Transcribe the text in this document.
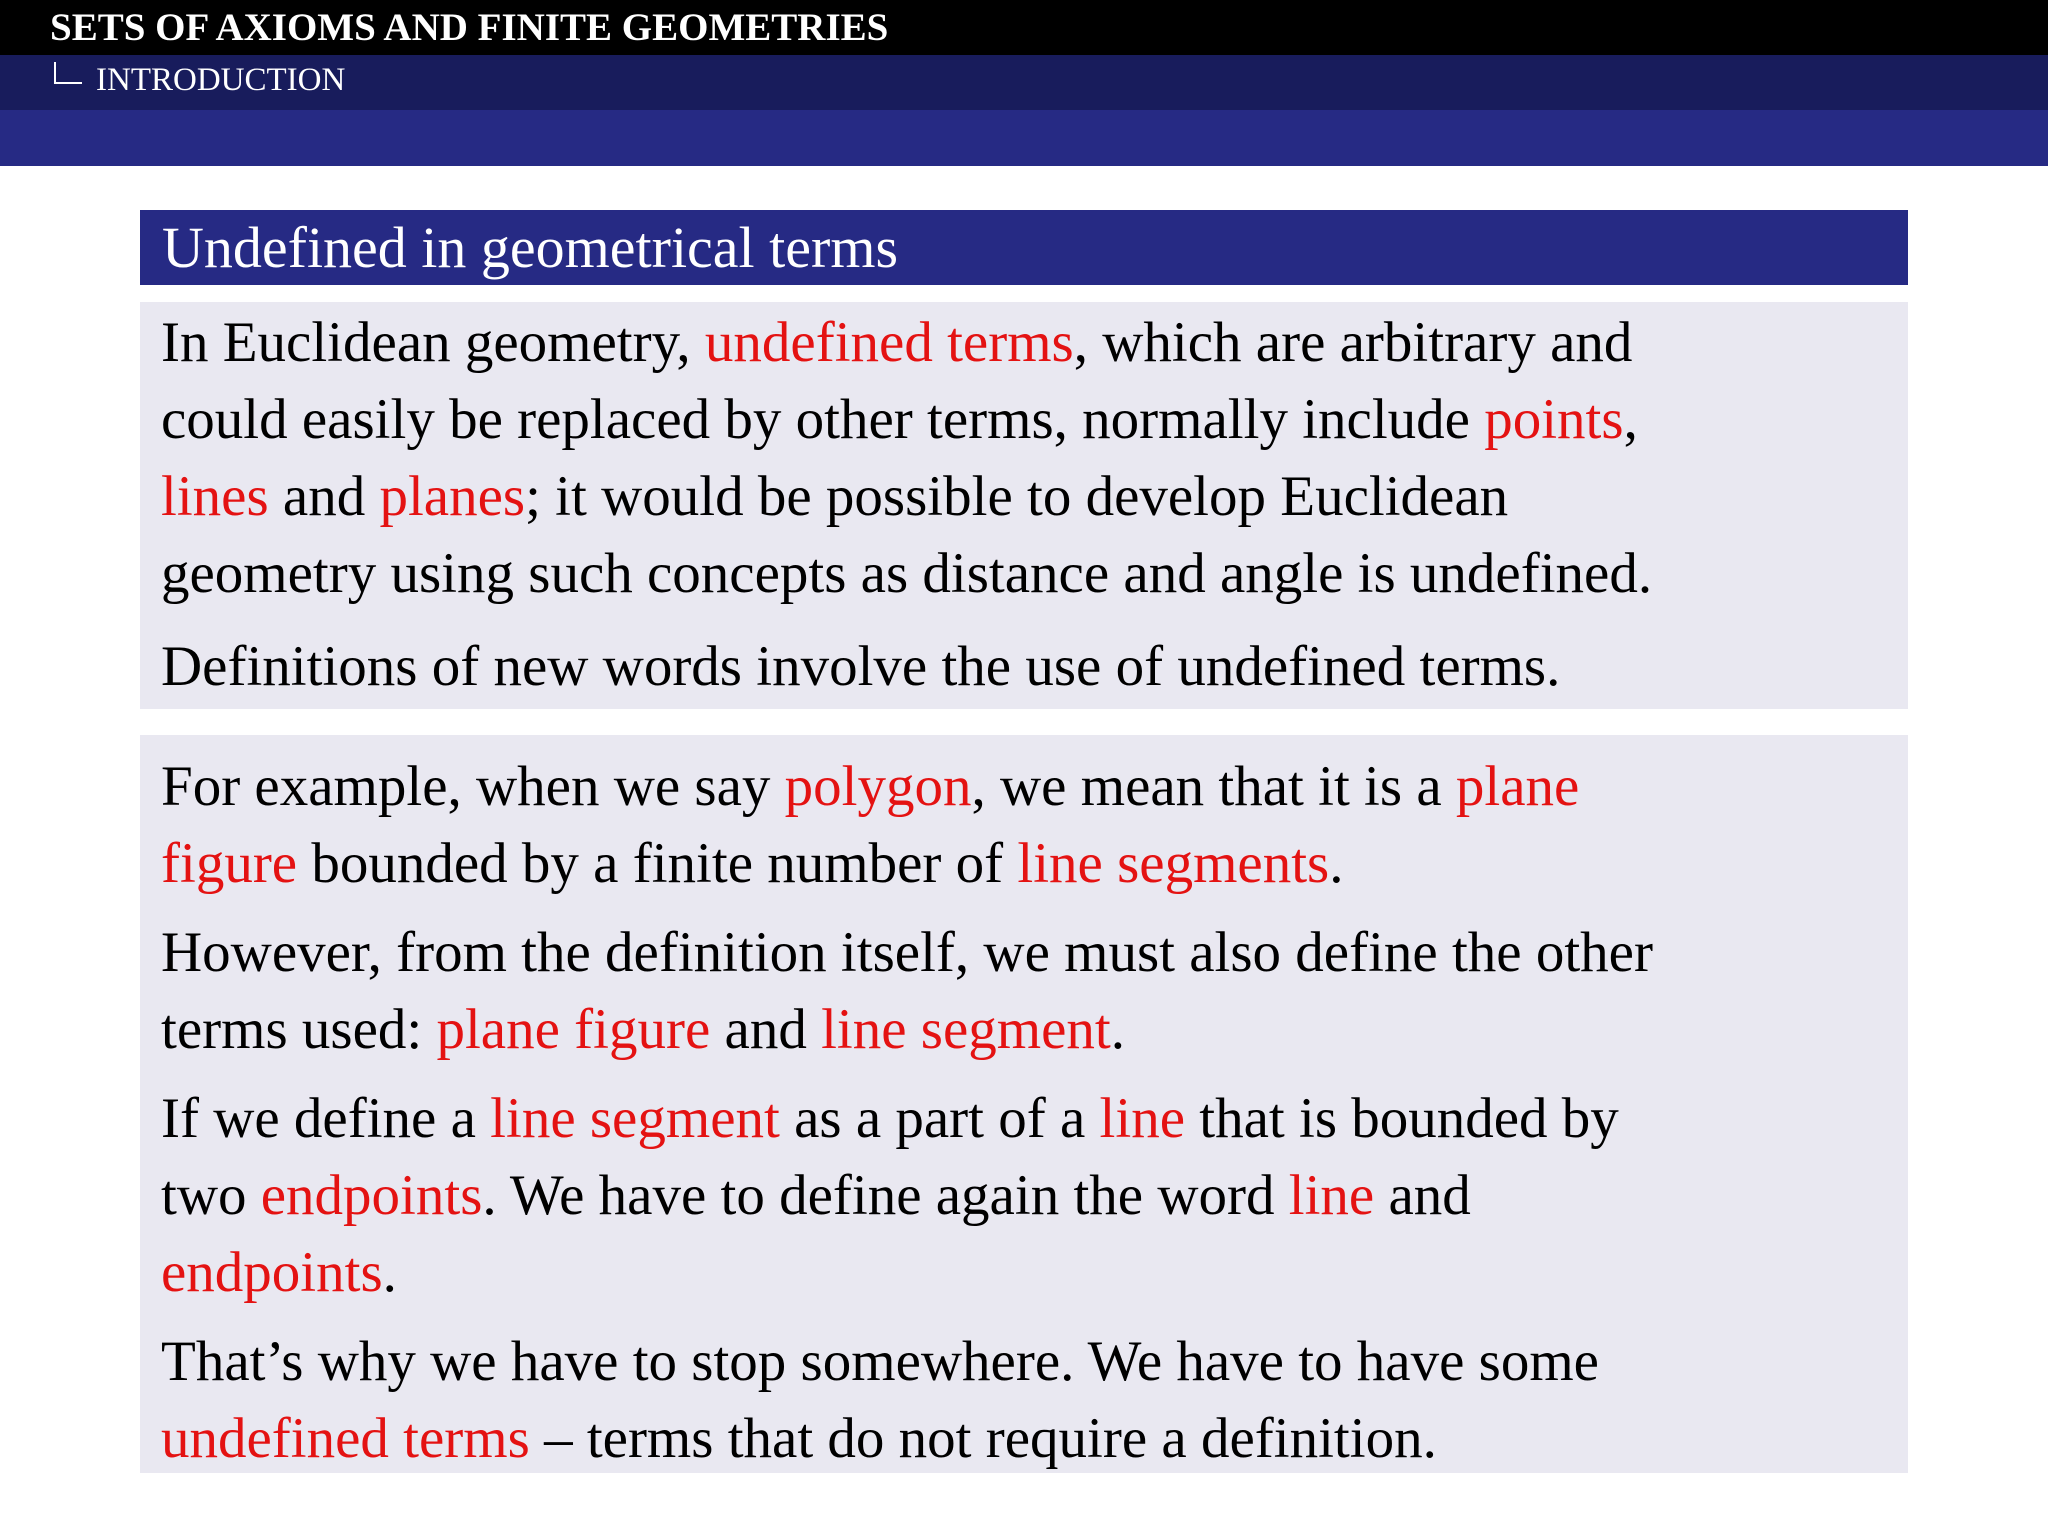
SETS OF AXIOMS AND FINITE GEOMETRIES
INTRODUCTION
Undefined in geometrical terms

In Euclidean geometry, undefined terms, which are arbitrary and

could easily be replaced by other terms, normally include points,

lines and planes; it would be possible to develop Euclidean

geometry using such concepts as distance and angle is undefined.

Definitions of new words involve the use of undefined terms.

For example, when we say polygon, we mean that it is a plane

figure bounded by a finite number of line segments.

However, from the definition itself, we must also define the other

terms used: plane figure and line segment.

If we define a line segment as a part of a line that is bounded by

two endpoints. We have to define again the word line and

endpoints.

That’s why we have to stop somewhere. We have to have some

undefined terms – terms that do not require a definition.
